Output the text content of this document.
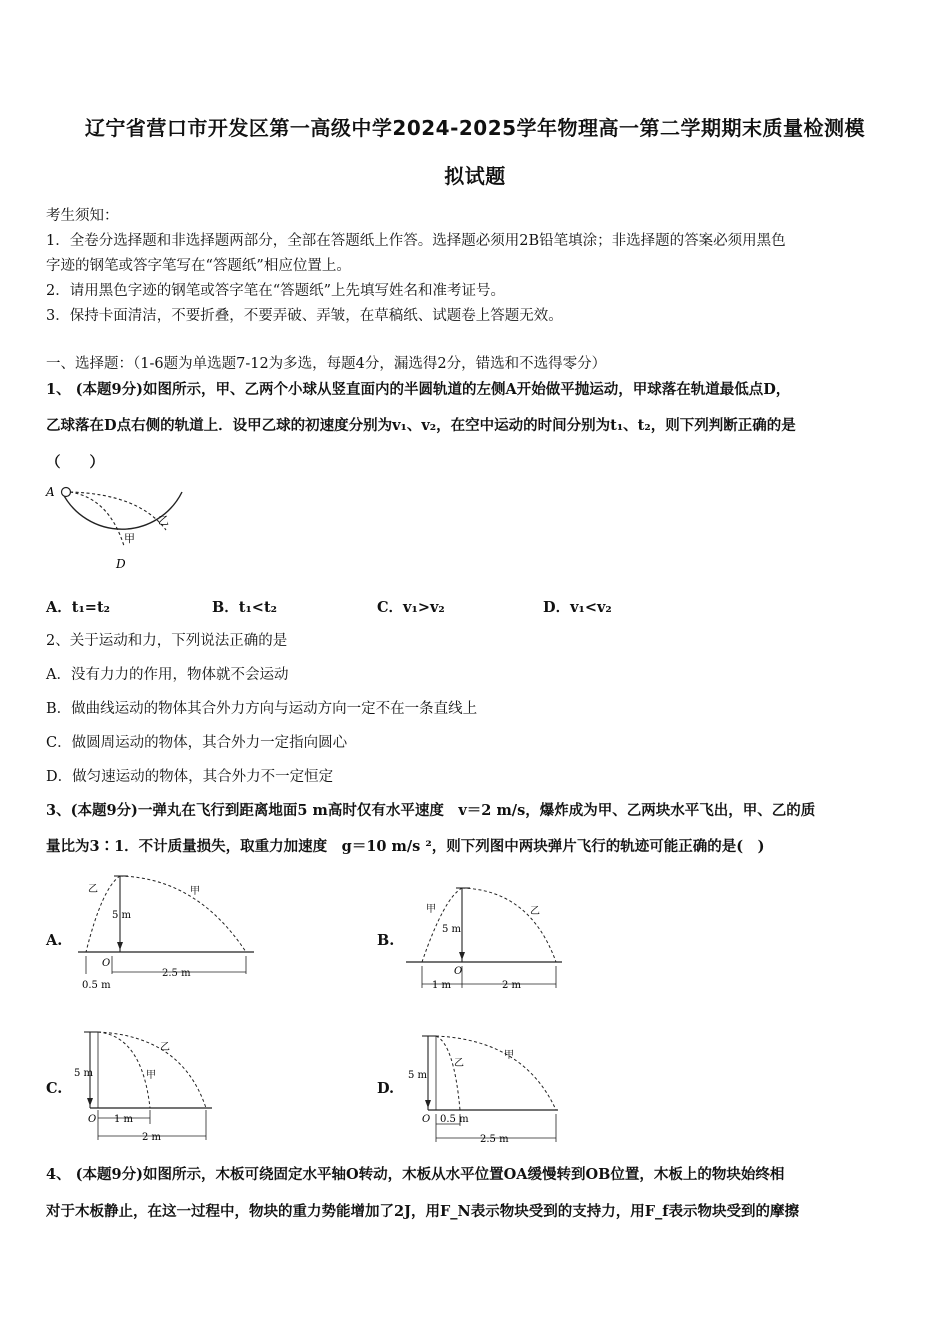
辽宁省营口市开发区第一高级中学2024-2025学年物理高一第二学期期末质量检测模
拟试题
考生须知：
1．全卷分选择题和非选择题两部分，全部在答题纸上作答。选择题必须用2B铅笔填涂；非选择题的答案必须用黑色
字迹的钢笔或答字笔写在“答题纸”相应位置上。
2．请用黑色字迹的钢笔或答字笔在“答题纸”上先填写姓名和准考证号。
3．保持卡面清洁，不要折叠，不要弄破、弄皱，在草稿纸、试题卷上答题无效。
一、选择题：（1-6题为单选题7-12为多选，每题4分，漏选得2分，错选和不选得零分）
1、 (本题9分)如图所示，甲、乙两个小球从竖直面内的半圆轨道的左侧A开始做平抛运动，甲球落在轨道最低点D，
乙球落在D点右侧的轨道上．设甲乙球的初速度分别为v₁、v₂，在空中运动的时间分别为t₁、t₂，则下列判断正确的是
（　　）
A
D
甲
乙
A．t₁=t₂	B．t₁<t₂	C．v₁>v₂	D．v₁<v₂
2、关于运动和力，下列说法正确的是
A．没有力力的作用，物体就不会运动
B．做曲线运动的物体其合外力方向与运动方向一定不在一条直线上
C．做圆周运动的物体，其合外力一定指向圆心
D．做匀速运动的物体，其合外力不一定恒定
3、(本题9分)一弹丸在飞行到距离地面5 m高时仅有水平速度　v＝2 m/s，爆炸成为甲、乙两块水平飞出，甲、乙的质
量比为3∶1．不计质量损失，取重力加速度　g＝10 m/s ²，则下列图中两块弹片飞行的轨迹可能正确的是(　)
A.
5 m
乙	甲
O
2.5 m
0.5 m
B.
5 m
甲	乙
O
1 m	2 m
C.
5 m	甲
乙
O 1 m
2 m
D.
5 m
乙
甲
O 0.5 m
2.5 m
4、 (本题9分)如图所示，木板可绕固定水平轴O转动，木板从水平位置OA缓慢转到OB位置，木板上的物块始终相
对于木板静止，在这一过程中，物块的重力势能增加了2J，用F_N表示物块受到的支持力，用F_f表示物块受到的摩擦
